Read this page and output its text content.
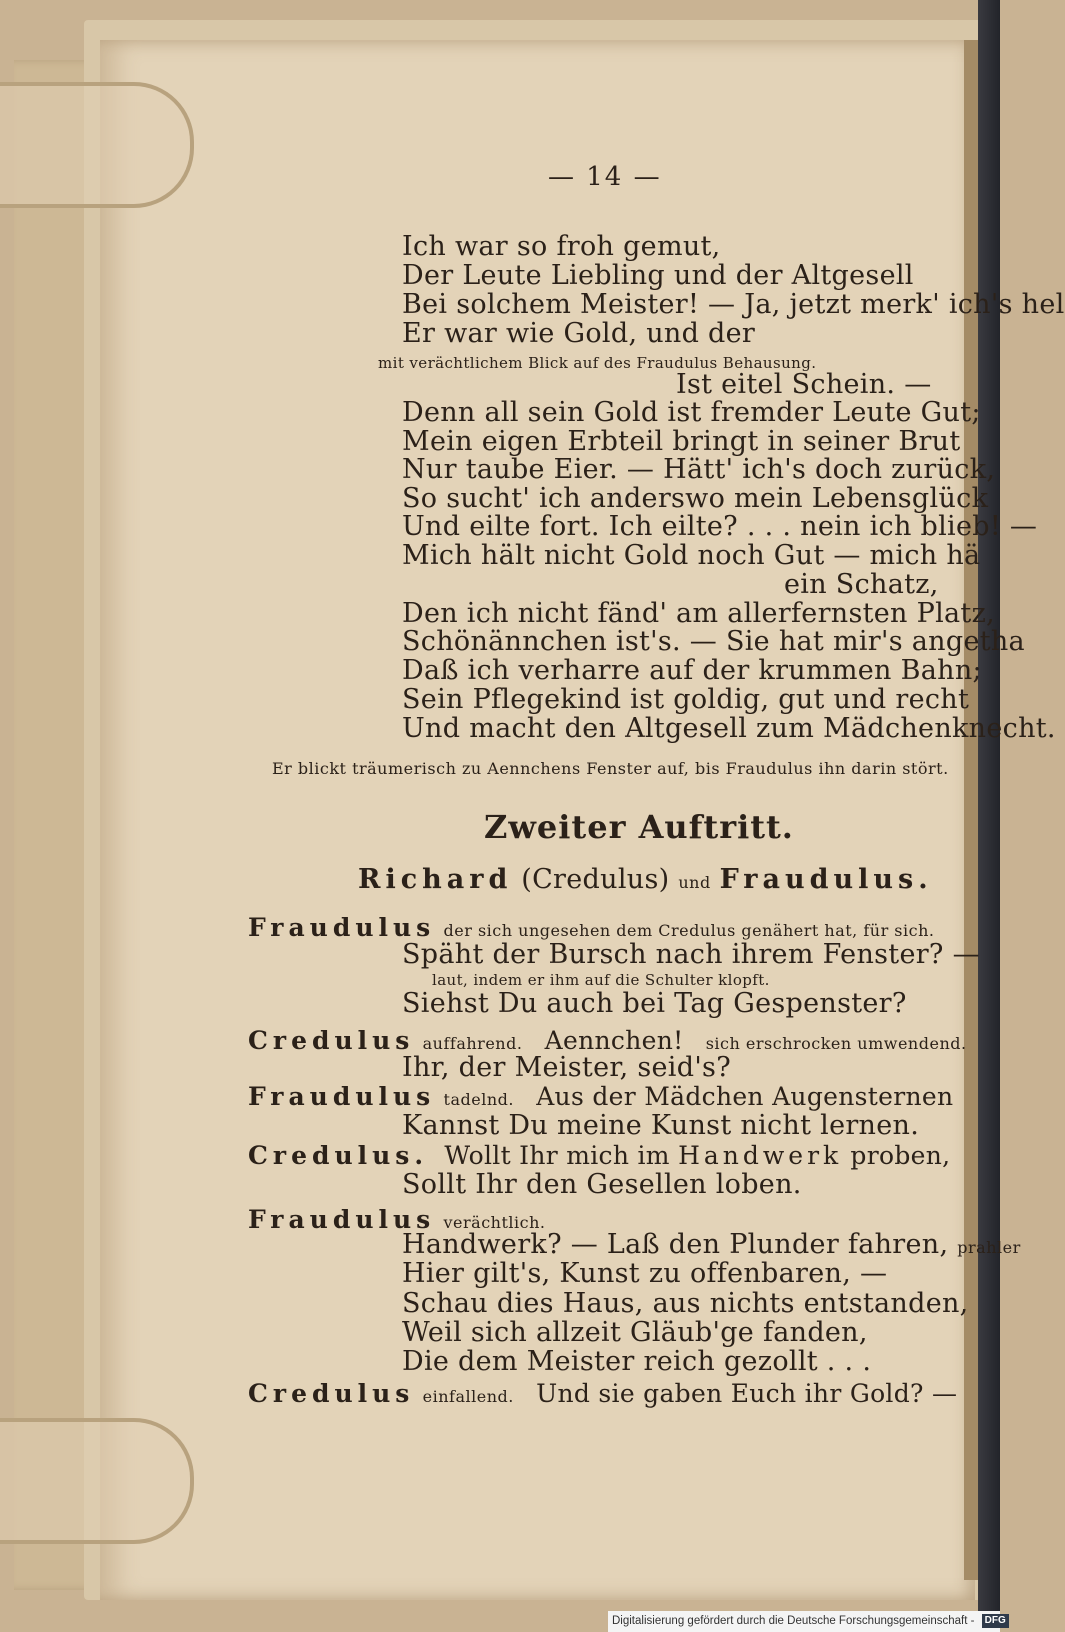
— 14 —
Ich war so froh gemut,
Der Leute Liebling und der Altgesell
Bei solchem Meister! — Ja, jetzt merk' ich's hel
Er war wie Gold, und der
mit verächtlichem Blick auf des Fraudulus Behausung.
Ist eitel Schein. —
Denn all sein Gold ist fremder Leute Gut;
Mein eigen Erbteil bringt in seiner Brut
Nur taube Eier. — Hätt' ich's doch zurück,
So sucht' ich anderswo mein Lebensglück
Und eilte fort. Ich eilte? . . . nein ich blieb! —
Mich hält nicht Gold noch Gut — mich hä
ein Schatz,
Den ich nicht fänd' am allerfernsten Platz,
Schönännchen ist's. — Sie hat mir's angetha
Daß ich verharre auf der krummen Bahn;
Sein Pflegekind ist goldig, gut und recht
Und macht den Altgesell zum Mädchenknecht.
Er blickt träumerisch zu Aennchens Fenster auf, bis Fraudulus ihn darin stört.
Zweiter Auftritt.
Richard (Credulus) und Fraudulus.
Fraudulus der sich ungesehen dem Credulus genähert hat, für sich.
Späht der Bursch nach ihrem Fenster? —
laut, indem er ihm auf die Schulter klopft.
Siehst Du auch bei Tag Gespenster?
Credulus auffahrend. Aennchen! sich erschrocken umwendend.
Ihr, der Meister, seid's?
Fraudulus tadelnd. Aus der Mädchen Augensternen
Kannst Du meine Kunst nicht lernen.
Credulus. Wollt Ihr mich im Handwerk proben,
Sollt Ihr den Gesellen loben.
Fraudulus verächtlich.
Handwerk? — Laß den Plunder fahren, prahler
Hier gilt's, Kunst zu offenbaren, —
Schau dies Haus, aus nichts entstanden,
Weil sich allzeit Gläub'ge fanden,
Die dem Meister reich gezollt . . .
Credulus einfallend. Und sie gaben Euch ihr Gold? —
Digitalisierung gefördert durch die Deutsche Forschungsgemeinschaft - DFG
